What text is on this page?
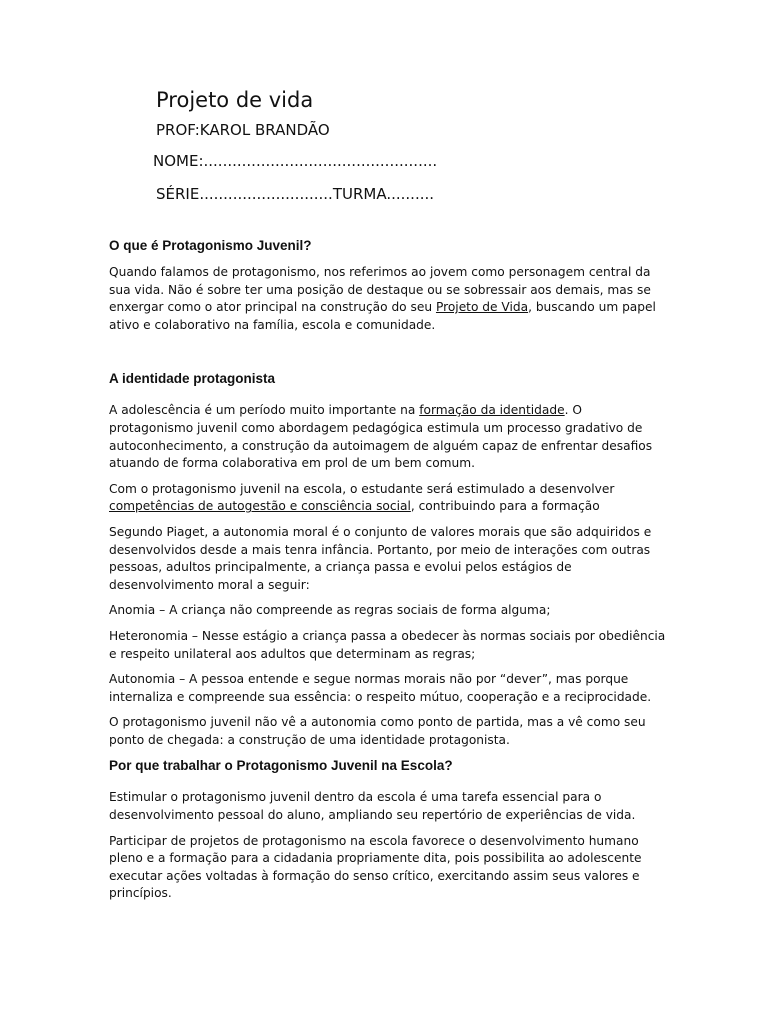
Projeto de vida
PROF:KAROL BRANDÃO
NOME:.................................................
SÉRIE............................TURMA..........
O que é Protagonismo Juvenil?

Quando falamos de protagonismo, nos referimos ao jovem como personagem central da sua vida. Não é sobre ter uma posição de destaque ou se sobressair aos demais, mas se enxergar como o ator principal na construção do seu Projeto de Vida, buscando um papel ativo e colaborativo na família, escola e comunidade.

A identidade protagonista

A adolescência é um período muito importante na formação da identidade. O protagonismo juvenil como abordagem pedagógica estimula um processo gradativo de autoconhecimento, a construção da autoimagem de alguém capaz de enfrentar desafios atuando de forma colaborativa em prol de um bem comum.

Com o protagonismo juvenil na escola, o estudante será estimulado a desenvolver competências de autogestão e consciência social, contribuindo para a formação

Segundo Piaget, a autonomia moral é o conjunto de valores morais que são adquiridos e desenvolvidos desde a mais tenra infância. Portanto, por meio de interações com outras pessoas, adultos principalmente, a criança passa e evolui pelos estágios de desenvolvimento moral a seguir:

Anomia – A criança não compreende as regras sociais de forma alguma;

Heteronomia – Nesse estágio a criança passa a obedecer às normas sociais por obediência e respeito unilateral aos adultos que determinam as regras;

Autonomia – A pessoa entende e segue normas morais não por “dever”, mas porque internaliza e compreende sua essência: o respeito mútuo, cooperação e a reciprocidade.

O protagonismo juvenil não vê a autonomia como ponto de partida, mas a vê como seu ponto de chegada: a construção de uma identidade protagonista.

Por que trabalhar o Protagonismo Juvenil na Escola?

Estimular o protagonismo juvenil dentro da escola é uma tarefa essencial para o desenvolvimento pessoal do aluno, ampliando seu repertório de experiências de vida.

Participar de projetos de protagonismo na escola favorece o desenvolvimento humano pleno e a formação para a cidadania propriamente dita, pois possibilita ao adolescente executar ações voltadas à formação do senso crítico, exercitando assim seus valores e princípios.
